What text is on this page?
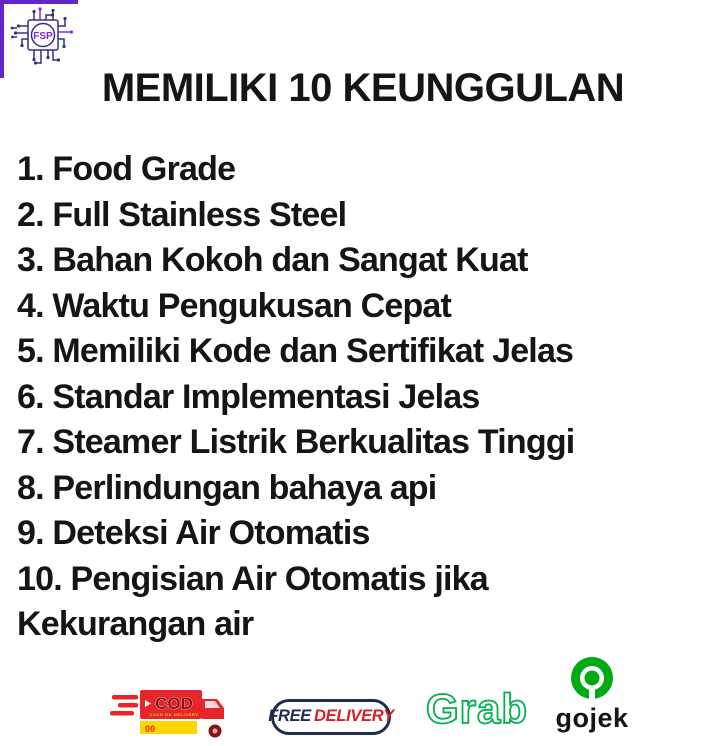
FSP
MEMILIKI 10 KEUNGGULAN
1. Food Grade
2. Full Stainless Steel
3. Bahan Kokoh dan Sangat Kuat
4. Waktu Pengukusan Cepat
5. Memiliki Kode dan Sertifikat Jelas
6. Standar Implementasi Jelas
7. Steamer Listrik Berkualitas Tinggi
8. Perlindungan bahaya api
9. Deteksi Air Otomatis
10. Pengisian Air Otomatis jika
Kekurangan air
COD
CASH ON DELIVERY
00
FREE DELIVERY Grab gojek
